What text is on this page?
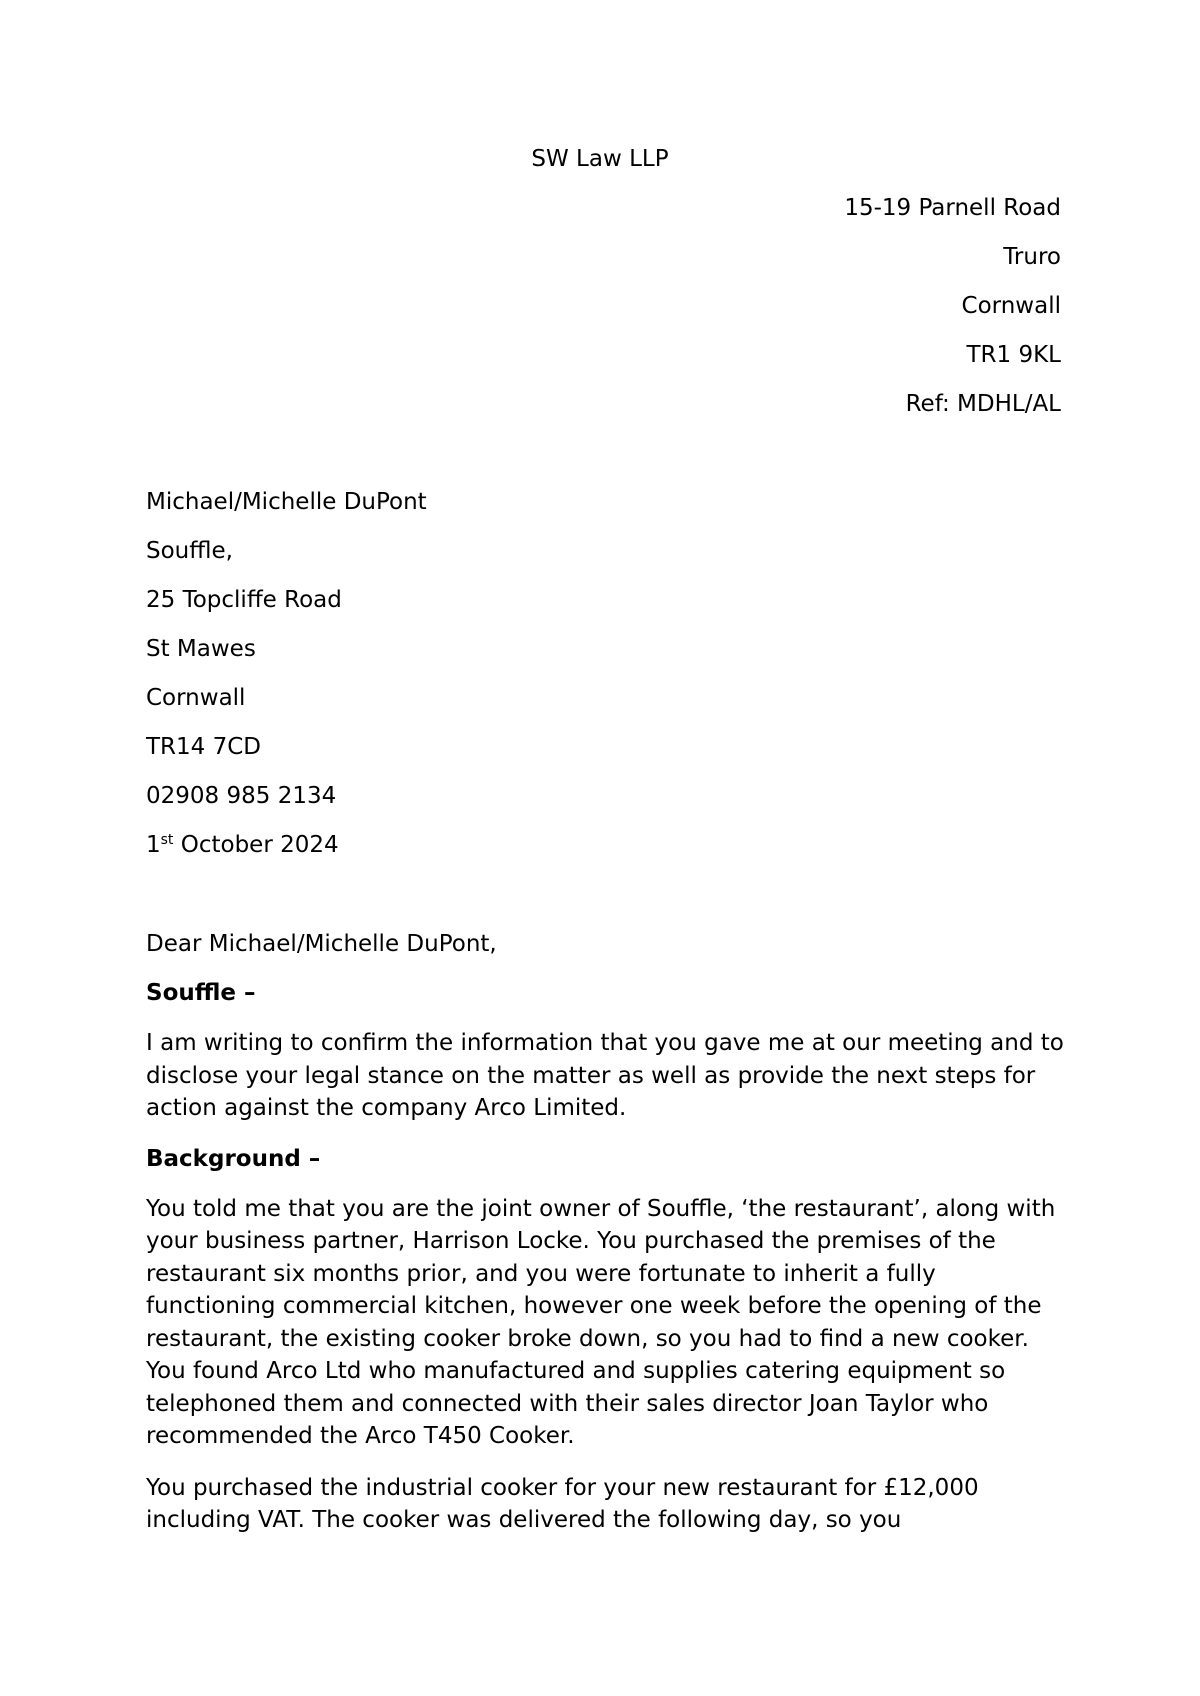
SW Law LLP
15-19 Parnell Road
Truro
Cornwall
TR1 9KL
Ref: MDHL/AL
Michael/Michelle DuPont
Souffle,
25 Topcliffe Road
St Mawes
Cornwall
TR14 7CD
02908 985 2134
1st October 2024
Dear Michael/Michelle DuPont,
Souffle –

I am writing to confirm the information that you gave me at our meeting and to disclose your legal stance on the matter as well as provide the next steps for action against the company Arco Limited.

Background –

You told me that you are the joint owner of Souffle, ‘the restaurant’, along with your business partner, Harrison Locke. You purchased the premises of the restaurant six months prior, and you were fortunate to inherit a fully functioning commercial kitchen, however one week before the opening of the restaurant, the existing cooker broke down, so you had to find a new cooker. You found Arco Ltd who manufactured and supplies catering equipment so telephoned them and connected with their sales director Joan Taylor who recommended the Arco T450 Cooker.

You purchased the industrial cooker for your new restaurant for £12,000 including VAT. The cooker was delivered the following day, so you
